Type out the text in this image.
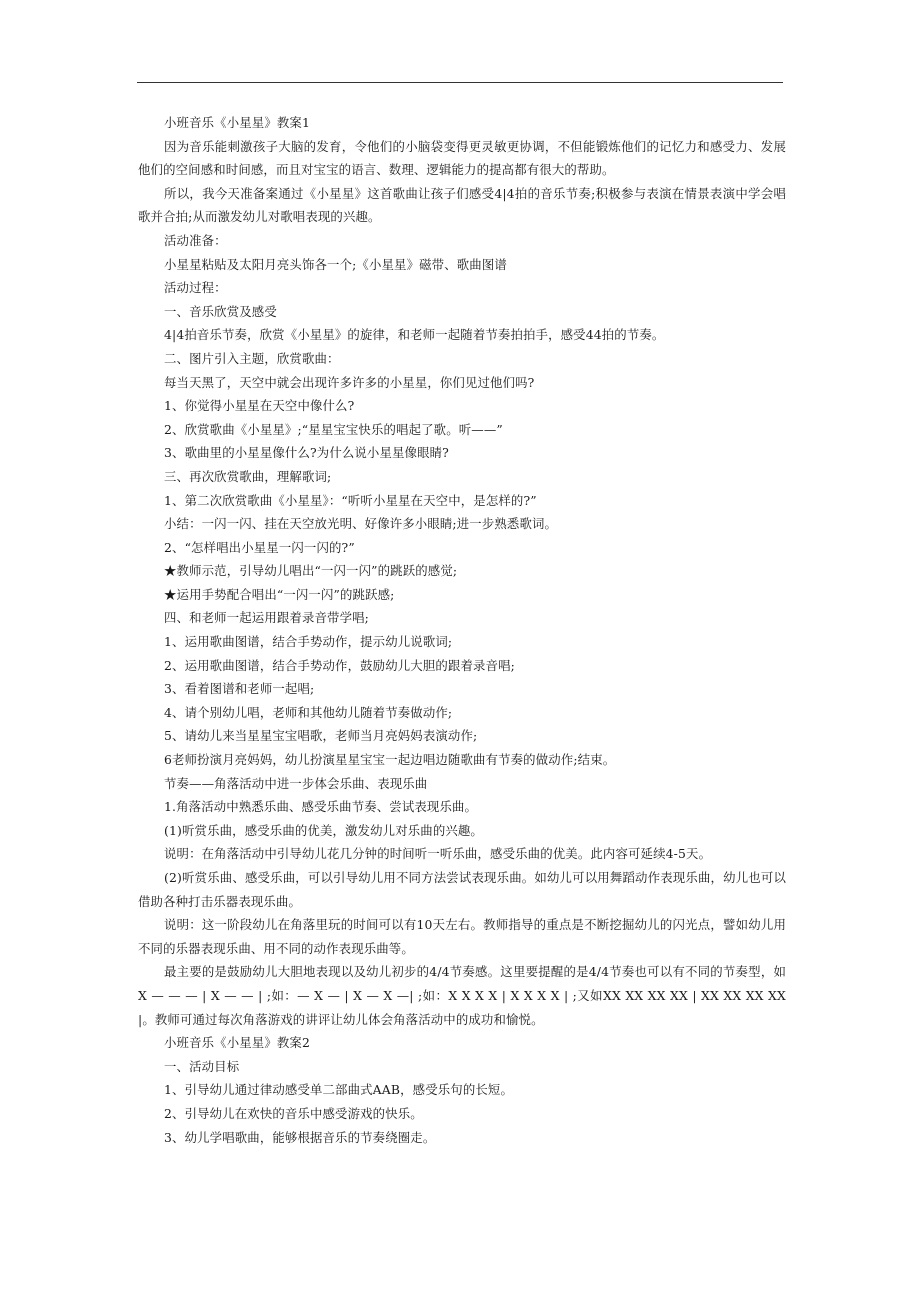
小班音乐《小星星》教案1

因为音乐能刺激孩子大脑的发育，令他们的小脑袋变得更灵敏更协调，不但能锻炼他们的记忆力和感受力、发展他们的空间感和时间感，而且对宝宝的语言、数理、逻辑能力的提高都有很大的帮助。

所以，我今天准备案通过《小星星》这首歌曲让孩子们感受4|4拍的音乐节奏;积极参与表演在情景表演中学会唱歌并合拍;从而激发幼儿对歌唱表现的兴趣。

活动准备：

小星星粘贴及太阳月亮头饰各一个;《小星星》磁带、歌曲图谱

活动过程：

一、音乐欣赏及感受

4|4拍音乐节奏，欣赏《小星星》的旋律，和老师一起随着节奏拍拍手，感受44拍的节奏。

二、图片引入主题，欣赏歌曲：

每当天黑了，天空中就会出现许多许多的小星星，你们见过他们吗?

1、你觉得小星星在天空中像什么?

2、欣赏歌曲《小星星》;“星星宝宝快乐的唱起了歌。听——”

3、歌曲里的小星星像什么?为什么说小星星像眼睛?

三、再次欣赏歌曲，理解歌词;

1、第二次欣赏歌曲《小星星》：“听听小星星在天空中，是怎样的?”

小结：一闪一闪、挂在天空放光明、好像许多小眼睛;进一步熟悉歌词。

2、“怎样唱出小星星一闪一闪的?”

★教师示范，引导幼儿唱出“一闪一闪”的跳跃的感觉;

★运用手势配合唱出“一闪一闪”的跳跃感;

四、和老师一起运用跟着录音带学唱;

1、运用歌曲图谱，结合手势动作，提示幼儿说歌词;

2、运用歌曲图谱，结合手势动作，鼓励幼儿大胆的跟着录音唱;

3、看着图谱和老师一起唱;

4、请个别幼儿唱，老师和其他幼儿随着节奏做动作;

5、请幼儿来当星星宝宝唱歌，老师当月亮妈妈表演动作;

6老师扮演月亮妈妈，幼儿扮演星星宝宝一起边唱边随歌曲有节奏的做动作;结束。

节奏——角落活动中进一步体会乐曲、表现乐曲

1.角落活动中熟悉乐曲、感受乐曲节奏、尝试表现乐曲。

(1)听赏乐曲，感受乐曲的优美，激发幼儿对乐曲的兴趣。

说明：在角落活动中引导幼儿花几分钟的时间听一听乐曲，感受乐曲的优美。此内容可延续4-5天。

(2)听赏乐曲、感受乐曲，可以引导幼儿用不同方法尝试表现乐曲。如幼儿可以用舞蹈动作表现乐曲，幼儿也可以借助各种打击乐器表现乐曲。

说明：这一阶段幼儿在角落里玩的时间可以有10天左右。教师指导的重点是不断挖掘幼儿的闪光点，譬如幼儿用不同的乐器表现乐曲、用不同的动作表现乐曲等。

最主要的是鼓励幼儿大胆地表现以及幼儿初步的4/4节奏感。这里要提醒的是4/4节奏也可以有不同的节奏型，如X — — — | X — — | ;如：— X — | X — X —| ;如：X X X X | X X X X | ;又如XX XX XX XX | XX XX XX XX |。教师可通过每次角落游戏的讲评让幼儿体会角落活动中的成功和愉悦。

小班音乐《小星星》教案2

一、活动目标

1、引导幼儿通过律动感受单二部曲式AAB，感受乐句的长短。

2、引导幼儿在欢快的音乐中感受游戏的快乐。

3、幼儿学唱歌曲，能够根据音乐的节奏绕圈走。
